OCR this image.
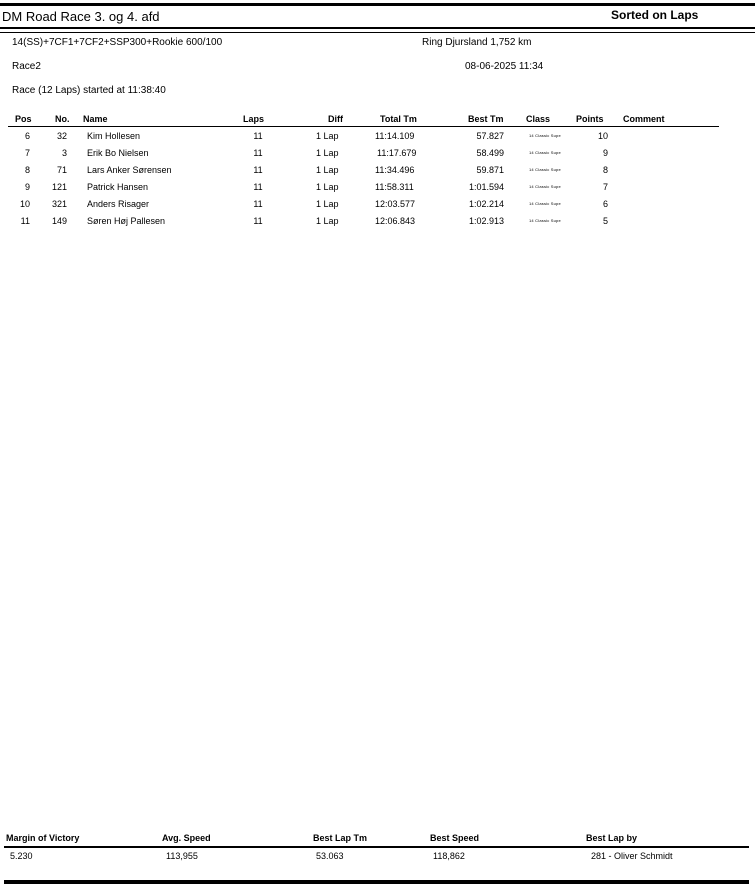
DM Road Race 3. og 4. afd	Sorted on Laps
14(SS)+7CF1+7CF2+SSP300+Rookie 600/100	Ring Djursland 1,752 km
Race2	08-06-2025 11:34
Race (12 Laps) started at 11:38:40
Pos	No. Name	Laps	Diff	Total Tm	Best Tm Class	Points Comment
6	32 Kim Hollesen	11	1 Lap	11:14.109	57.827	14 Classic Supe	10
7	3 Erik Bo Nielsen	11	1 Lap	11:17.679	58.499	14 Classic Supe	9
8	71 Lars Anker Sørensen	11	1 Lap	11:34.496	59.871	14 Classic Supe	8
9	121 Patrick Hansen	11	1 Lap	11:58.311	1:01.594	14 Classic Supe	7
10	321 Anders Risager	11	1 Lap	12:03.577	1:02.214	14 Classic Supe	6
11	149 Søren Høj Pallesen	11	1 Lap	12:06.843	1:02.913	14 Classic Supe	5
Margin of Victory	Avg. Speed	Best Lap Tm	Best Speed	Best Lap by
5.230	113,955	53.063	118,862	281 - Oliver Schmidt
